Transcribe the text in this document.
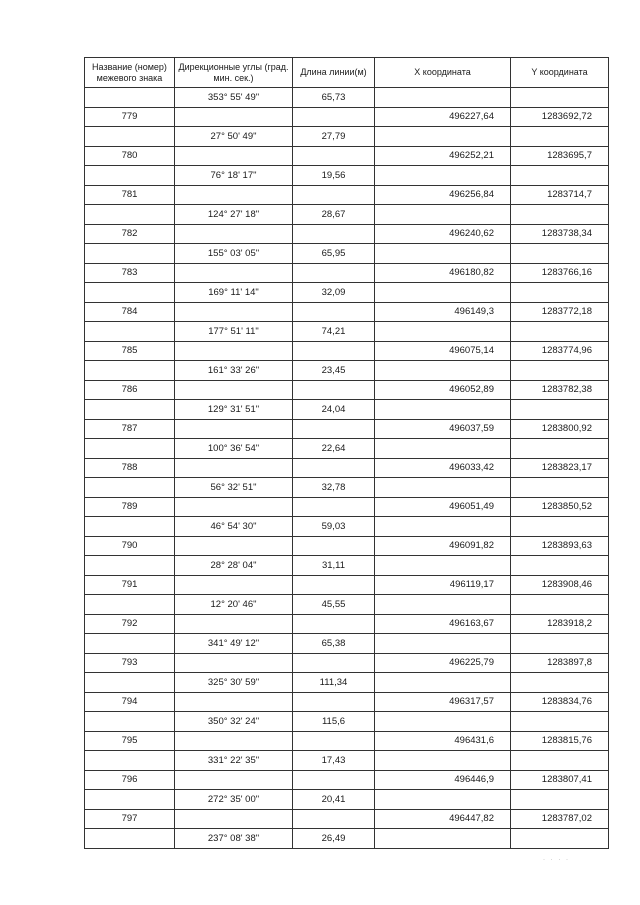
Название (номер) межевого знака	Дирекционные углы (град. мин. сек.)	Длина линии(м)	X координата	Y координата
	353° 55' 49"	65,73		
779			496227,64	1283692,72
	27° 50' 49"	27,79		
780			496252,21	1283695,7
	76° 18' 17"	19,56		
781			496256,84	1283714,7
	124° 27' 18"	28,67		
782			496240,62	1283738,34
	155° 03' 05"	65,95		
783			496180,82	1283766,16
	169° 11' 14"	32,09		
784			496149,3	1283772,18
	177° 51' 11"	74,21		
785			496075,14	1283774,96
	161° 33' 26"	23,45		
786			496052,89	1283782,38
	129° 31' 51"	24,04		
787			496037,59	1283800,92
	100° 36' 54"	22,64		
788			496033,42	1283823,17
	56° 32' 51"	32,78		
789			496051,49	1283850,52
	46° 54' 30"	59,03		
790			496091,82	1283893,63
	28° 28' 04"	31,11		
791			496119,17	1283908,46
	12° 20' 46"	45,55		
792			496163,67	1283918,2
	341° 49' 12"	65,38		
793			496225,79	1283897,8
	325° 30' 59"	111,34		
794			496317,57	1283834,76
	350° 32' 24"	115,6		
795			496431,6	1283815,76
	331° 22' 35"	17,43		
796			496446,9	1283807,41
	272° 35' 00"	20,41		
797			496447,82	1283787,02
	237° 08' 38"	26,49		
· · · ·
